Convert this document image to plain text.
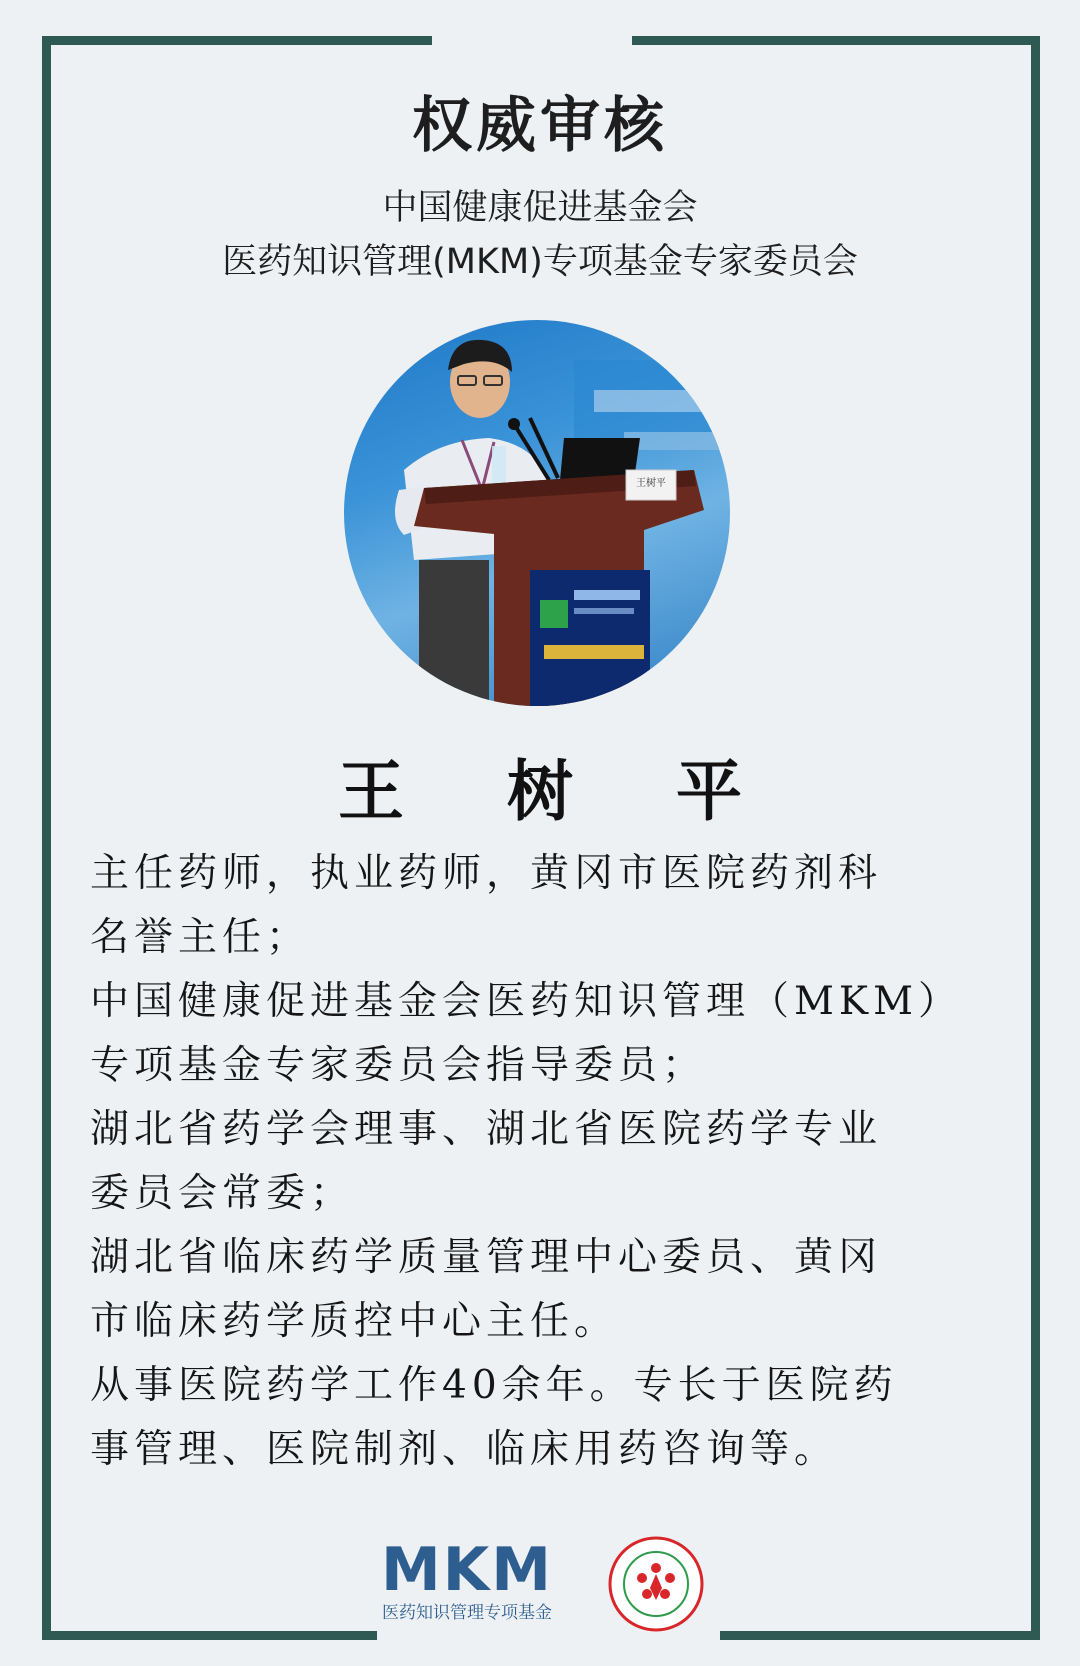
权威审核
中国健康促进基金会
医药知识管理(MKM)专项基金专家委员会
王树平
王 树 平
主任药师，执业药师，黄冈市医院药剂科
名誉主任；
中国健康促进基金会医药知识管理（MKM）
专项基金专家委员会指导委员；
湖北省药学会理事、湖北省医院药学专业
委员会常委；
湖北省临床药学质量管理中心委员、黄冈
市临床药学质控中心主任。
从事医院药学工作40余年。专长于医院药
事管理、医院制剂、临床用药咨询等。
MKM
医药知识管理专项基金
